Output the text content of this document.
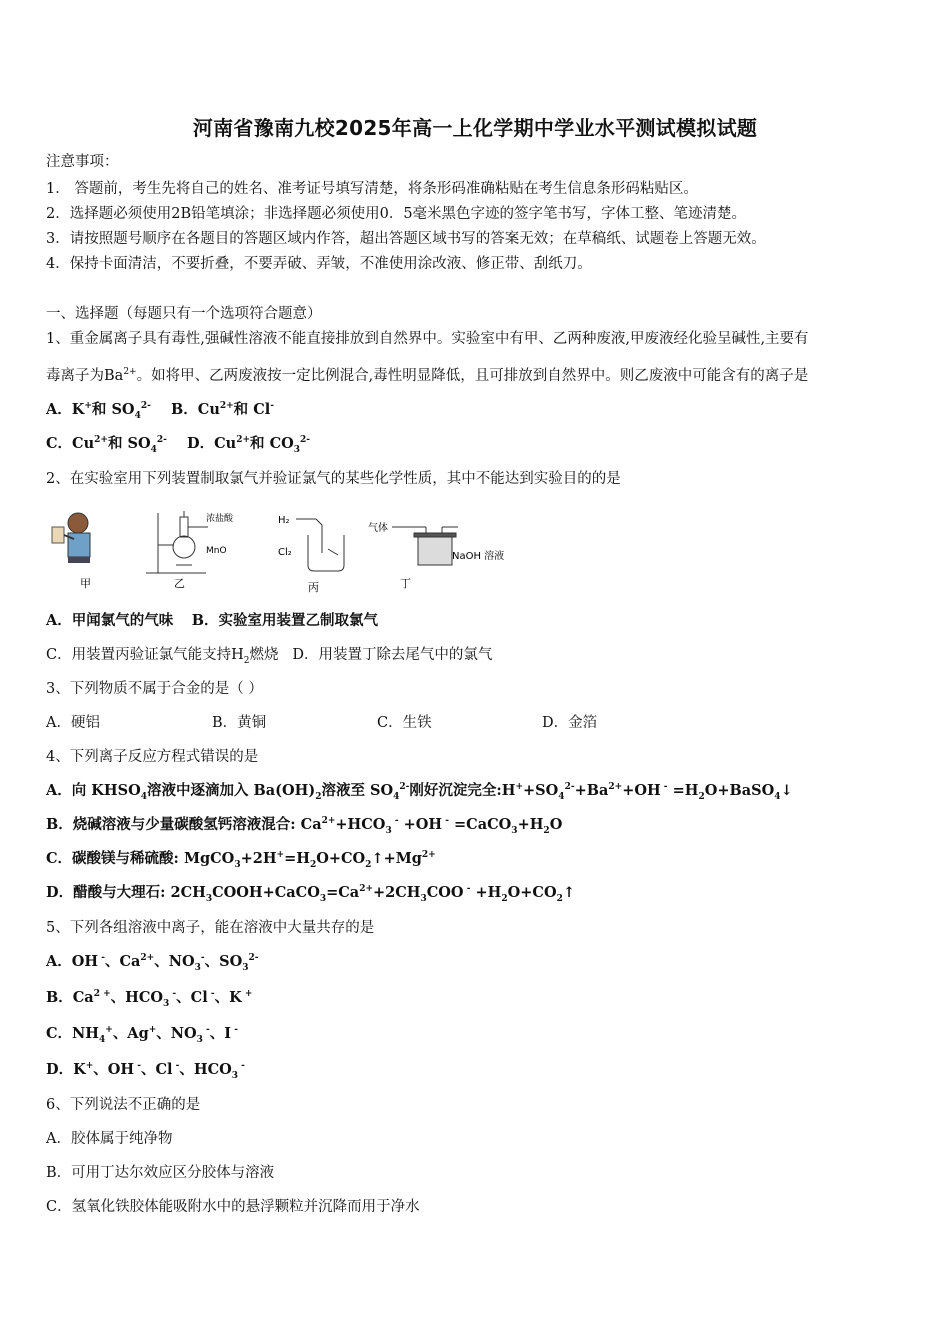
河南省豫南九校2025年高一上化学期中学业水平测试模拟试题
注意事项：
1． 答题前，考生先将自己的姓名、准考证号填写清楚，将条形码准确粘贴在考生信息条形码粘贴区。
2．选择题必须使用2B铅笔填涂；非选择题必须使用0．5毫米黑色字迹的签字笔书写，字体工整、笔迹清楚。
3．请按照题号顺序在各题目的答题区域内作答，超出答题区域书写的答案无效；在草稿纸、试题卷上答题无效。
4．保持卡面清洁，不要折叠，不要弄破、弄皱，不准使用涂改液、修正带、刮纸刀。
一、选择题（每题只有一个选项符合题意）
1、重金属离子具有毒性,强碱性溶液不能直接排放到自然界中。实验室中有甲、乙两种废液,甲废液经化验呈碱性,主要有
毒离子为$Ba^{2+}$。如将甲、乙两废液按一定比例混合,毒性明显降低，且可排放到自然界中。则乙废液中可能含有的离子是
A．K+和 $SO_4^{2-}$    B．$Cu^{2+}$和 Cl-
C．$Cu^{2+}$和 $SO_4^{2-}$    D．$Cu^{2+}$和 $CO_3^{2-}$
2、在实验室用下列装置制取氯气并验证氯气的某些化学性质，其中不能达到实验目的的是
甲
浓盐酸
MnO
乙
H₂
Cl₂
丙
气体
NaOH 溶液
丁
A．甲闻氯气的气味 B．实验室用装置乙制取氯气
C．用装置丙验证氯气能支持$H_2$燃烧 D．用装置丁除去尾气中的氯气
3、下列物质不属于合金的是（ ）
A．硬铝	B．黄铜	C．生铁	D．金箔
4、下列离子反应方程式错误的是
A．向 $KHSO_4$溶液中逐滴加入 $Ba(OH)_2$溶液至 $SO_4^{2-}$刚好沉淀完全$:H^++SO_4^{2-}+Ba^{2+}+OH$ $^- =H_2O+BaSO_4↓$
B．烧碱溶液与少量碳酸氢钙溶液混合: $Ca^{2+}+HCO_3$ - +OH $^- =CaCO_3+H_2O$
C．碳酸镁与稀硫酸: $MgCO_3+2H^+=H_2O+CO_2↑+Mg^{2+}$
D．醋酸与大理石: $2CH_3COOH+CaCO_3=Ca^{2+}+2CH_3COO$ $^- +H_2O+CO_2↑$
5、下列各组溶液中离子，能在溶液中大量共存的是
A．OH -、$Ca^{2+}$、$NO_3^-$、$SO_3^{2-}$
B．$Ca^{2 +}$、$HCO_3$ -、Cl -、K +
C．$NH_4^+$、Ag+、$NO_3$ -、I -
D．K+、OH -、Cl -、$HCO_3$ -
6、下列说法不正确的是
A．胶体属于纯净物
B．可用丁达尔效应区分胶体与溶液
C．氢氧化铁胶体能吸附水中的悬浮颗粒并沉降而用于净水
